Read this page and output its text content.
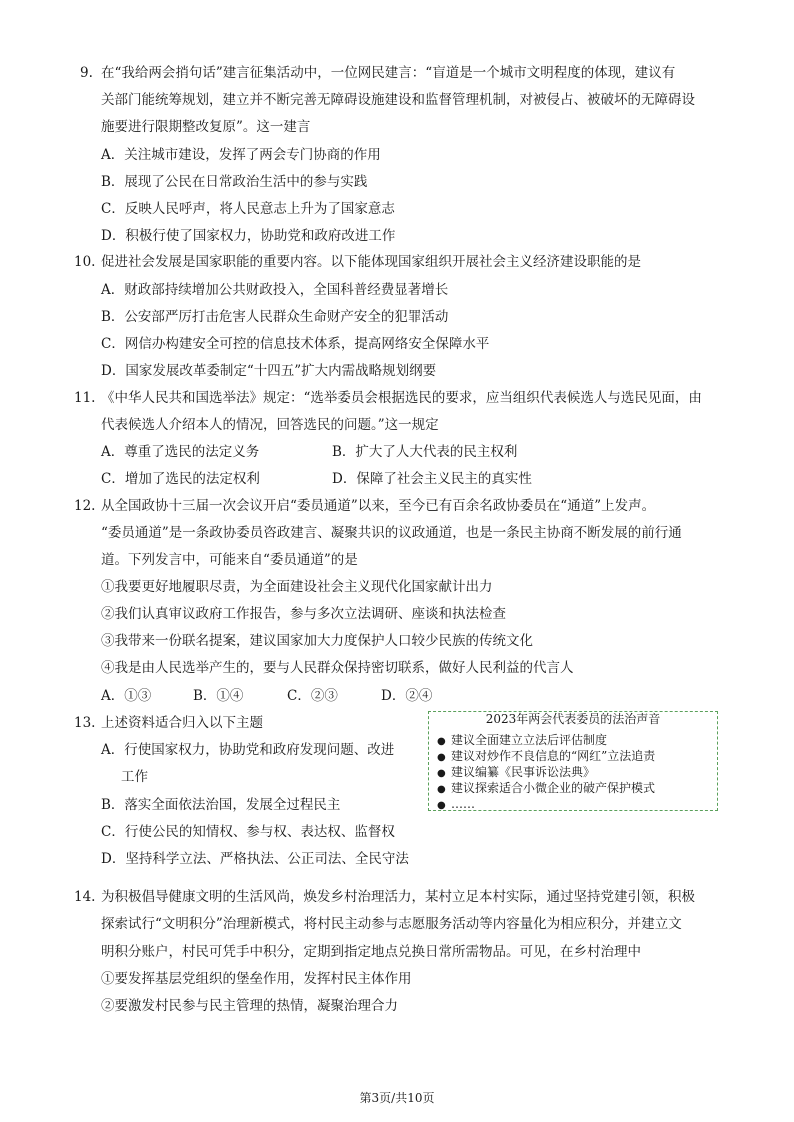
9. 在“我给两会捎句话”建言征集活动中，一位网民建言：“盲道是一个城市文明程度的体现，建议有
关部门能统筹规划，建立并不断完善无障碍设施建设和监督管理机制，对被侵占、被破坏的无障碍设
施要进行限期整改复原”。这一建言
A．关注城市建设，发挥了两会专门协商的作用
B．展现了公民在日常政治生活中的参与实践
C．反映人民呼声，将人民意志上升为了国家意志
D．积极行使了国家权力，协助党和政府改进工作
10. 促进社会发展是国家职能的重要内容。以下能体现国家组织开展社会主义经济建设职能的是
A．财政部持续增加公共财政投入，全国科普经费显著增长
B．公安部严厉打击危害人民群众生命财产安全的犯罪活动
C．网信办构建安全可控的信息技术体系，提高网络安全保障水平
D．国家发展改革委制定“十四五”扩大内需战略规划纲要
11. 《中华人民共和国选举法》规定：“选举委员会根据选民的要求，应当组织代表候选人与选民见面，由
代表候选人介绍本人的情况，回答选民的问题。”这一规定
A．尊重了选民的法定义务	B．扩大了人大代表的民主权利
C．增加了选民的法定权利	D．保障了社会主义民主的真实性
12. 从全国政协十三届一次会议开启“委员通道”以来，至今已有百余名政协委员在“通道”上发声。
“委员通道”是一条政协委员咨政建言、凝聚共识的议政通道，也是一条民主协商不断发展的前行通
道。下列发言中，可能来自“委员通道”的是
①我要更好地履职尽责，为全面建设社会主义现代化国家献计出力
②我们认真审议政府工作报告，参与多次立法调研、座谈和执法检查
③我带来一份联名提案，建议国家加大力度保护人口较少民族的传统文化
④我是由人民选举产生的，要与人民群众保持密切联系，做好人民利益的代言人
A．①③	B．①④	C．②③	D．②④
13. 上述资料适合归入以下主题
A．行使国家权力，协助党和政府发现问题、改进
工作
B．落实全面依法治国，发展全过程民主
C．行使公民的知情权、参与权、表达权、监督权
D．坚持科学立法、严格执法、公正司法、全民守法
2023年两会代表委员的法治声音
● 建议全面建立立法后评估制度
● 建议对炒作不良信息的“网红”立法追责
● 建议编纂《民事诉讼法典》
● 建议探索适合小微企业的破产保护模式
● ……
14. 为积极倡导健康文明的生活风尚，焕发乡村治理活力，某村立足本村实际，通过坚持党建引领，积极
探索试行“文明积分”治理新模式，将村民主动参与志愿服务活动等内容量化为相应积分，并建立文
明积分账户，村民可凭手中积分，定期到指定地点兑换日常所需物品。可见，在乡村治理中
①要发挥基层党组织的堡垒作用，发挥村民主体作用
②要激发村民参与民主管理的热情，凝聚治理合力
第3页/共10页
